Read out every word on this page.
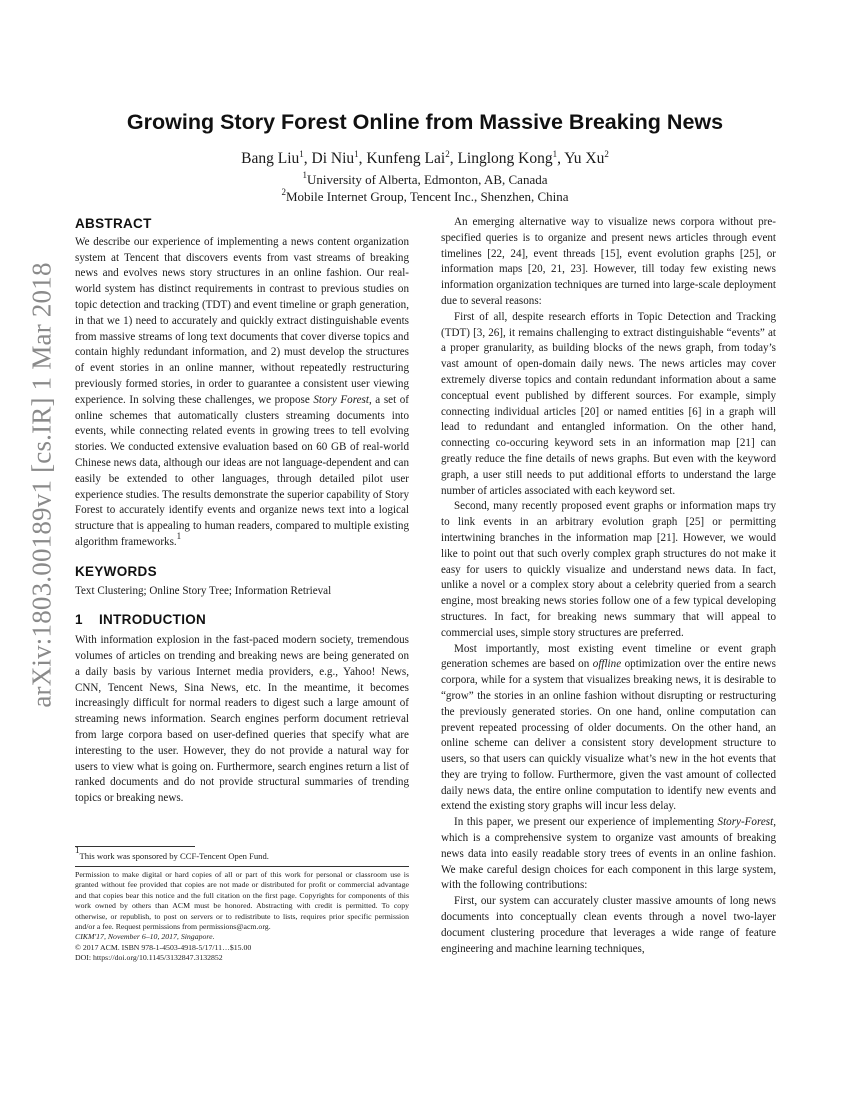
arXiv:1803.00189v1 [cs.IR] 1 Mar 2018
Growing Story Forest Online from Massive Breaking News
Bang Liu$^1$, Di Niu$^1$, Kunfeng Lai$^2$, Linglong Kong$^1$, Yu Xu$^2$
$^1$University of Alberta, Edmonton, AB, Canada
$^2$Mobile Internet Group, Tencent Inc., Shenzhen, China
ABSTRACT

We describe our experience of implementing a news content organization system at Tencent that discovers events from vast streams of breaking news and evolves news story structures in an online fashion. Our real-world system has distinct requirements in contrast to previous studies on topic detection and tracking (TDT) and event timeline or graph generation, in that we 1) need to accurately and quickly extract distinguishable events from massive streams of long text documents that cover diverse topics and contain highly redundant information, and 2) must develop the structures of event stories in an online manner, without repeatedly restructuring previously formed stories, in order to guarantee a consistent user viewing experience. In solving these challenges, we propose Story Forest, a set of online schemes that automatically clusters streaming documents into events, while connecting related events in growing trees to tell evolving stories. We conducted extensive evaluation based on 60 GB of real-world Chinese news data, although our ideas are not language-dependent and can easily be extended to other languages, through detailed pilot user experience studies. The results demonstrate the superior capability of Story Forest to accurately identify events and organize news text into a logical structure that is appealing to human readers, compared to multiple existing algorithm frameworks.$^1$

KEYWORDS

Text Clustering; Online Story Tree; Information Retrieval

1 INTRODUCTION

With information explosion in the fast-paced modern society, tremendous volumes of articles on trending and breaking news are being generated on a daily basis by various Internet media providers, e.g., Yahoo! News, CNN, Tencent News, Sina News, etc. In the meantime, it becomes increasingly difficult for normal readers to digest such a large amount of streaming news information. Search engines perform document retrieval from large corpora based on user-defined queries that specify what are interesting to the user. However, they do not provide a natural way for users to view what is going on. Furthermore, search engines return a list of ranked documents and do not provide structural summaries of trending topics or breaking news.

$^1$This work was sponsored by CCF-Tencent Open Fund.
Permission to make digital or hard copies of all or part of this work for personal or classroom use is granted without fee provided that copies are not made or distributed for profit or commercial advantage and that copies bear this notice and the full citation on the first page. Copyrights for components of this work owned by others than ACM must be honored. Abstracting with credit is permitted. To copy otherwise, or republish, to post on servers or to redistribute to lists, requires prior specific permission and/or a fee. Request permissions from permissions@acm.org.
CIKM'17, November 6–10, 2017, Singapore.
© 2017 ACM. ISBN 978-1-4503-4918-5/17/11…$15.00
DOI: https://doi.org/10.1145/3132847.3132852

An emerging alternative way to visualize news corpora without pre-specified queries is to organize and present news articles through event timelines [22, 24], event threads [15], event evolution graphs [25], or information maps [20, 21, 23]. However, till today few existing news information organization techniques are turned into large-scale deployment due to several reasons:

First of all, despite research efforts in Topic Detection and Tracking (TDT) [3, 26], it remains challenging to extract distinguishable “events” at a proper granularity, as building blocks of the news graph, from today’s vast amount of open-domain daily news. The news articles may cover extremely diverse topics and contain redundant information about a same conceptual event published by different sources. For example, simply connecting individual articles [20] or named entities [6] in a graph will lead to redundant and entangled information. On the other hand, connecting co-occuring keyword sets in an information map [21] can greatly reduce the fine details of news graphs. But even with the keyword graph, a user still needs to put additional efforts to understand the large number of articles associated with each keyword set.

Second, many recently proposed event graphs or information maps try to link events in an arbitrary evolution graph [25] or permitting intertwining branches in the information map [21]. However, we would like to point out that such overly complex graph structures do not make it easy for users to quickly visualize and understand news data. In fact, unlike a novel or a complex story about a celebrity queried from a search engine, most breaking news stories follow one of a few typical developing structures. In fact, for breaking news summary that will appeal to commercial uses, simple story structures are preferred.

Most importantly, most existing event timeline or event graph generation schemes are based on offline optimization over the entire news corpora, while for a system that visualizes breaking news, it is desirable to “grow” the stories in an online fashion without disrupting or restructuring the previously generated stories. On one hand, online computation can prevent repeated processing of older documents. On the other hand, an online scheme can deliver a consistent story development structure to users, so that users can quickly visualize what’s new in the hot events that they are trying to follow. Furthermore, given the vast amount of collected daily news data, the entire online computation to identify new events and extend the existing story graphs will incur less delay.

In this paper, we present our experience of implementing Story-Forest, which is a comprehensive system to organize vast amounts of breaking news data into easily readable story trees of events in an online fashion. We make careful design choices for each component in this large system, with the following contributions:

First, our system can accurately cluster massive amounts of long news documents into conceptually clean events through a novel two-layer document clustering procedure that leverages a wide range of feature engineering and machine learning techniques,
